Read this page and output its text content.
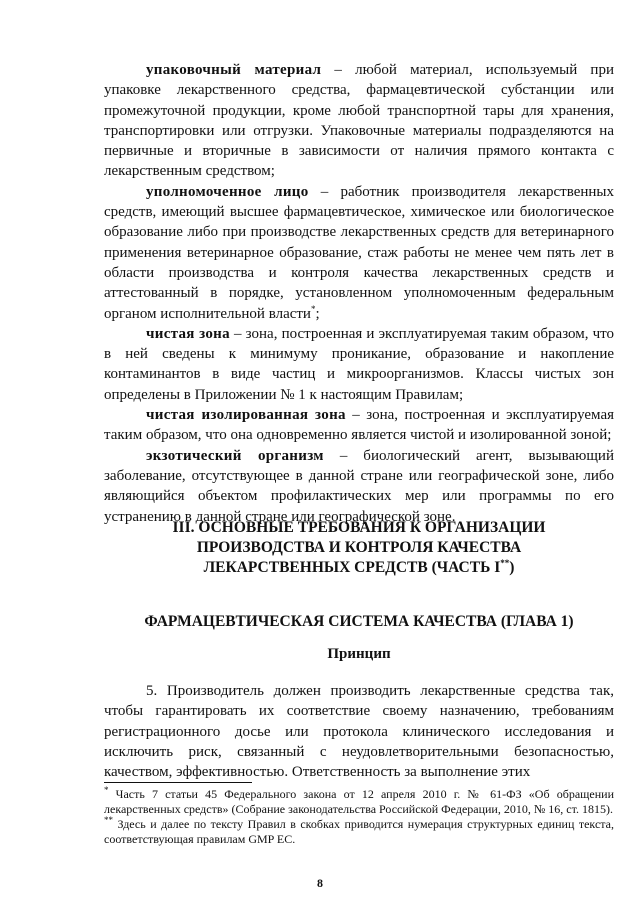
упаковочный материал – любой материал, используемый при упаковке лекарственного средства, фармацевтической субстанции или промежуточной продукции, кроме любой транспортной тары для хранения, транспортировки или отгрузки. Упаковочные материалы подразделяются на первичные и вторичные в зависимости от наличия прямого контакта с лекарственным средством;

уполномоченное лицо – работник производителя лекарственных средств, имеющий высшее фармацевтическое, химическое или биологическое образование либо при производстве лекарственных средств для ветеринарного применения ветеринарное образование, стаж работы не менее чем пять лет в области производства и контроля качества лекарственных средств и аттестованный в порядке, установленном уполномоченным федеральным органом исполнительной власти*;

чистая зона – зона, построенная и эксплуатируемая таким образом, что в ней сведены к минимуму проникание, образование и накопление контаминантов в виде частиц и микроорганизмов. Классы чистых зон определены в Приложении № 1 к настоящим Правилам;

чистая изолированная зона – зона, построенная и эксплуатируемая таким образом, что она одновременно является чистой и изолированной зоной;

экзотический организм – биологический агент, вызывающий заболевание, отсутствующее в данной стране или географической зоне, либо являющийся объектом профилактических мер или программы по его устранению в данной стране или географической зоне.

III. ОСНОВНЫЕ ТРЕБОВАНИЯ К ОРГАНИЗАЦИИ
ПРОИЗВОДСТВА И КОНТРОЛЯ КАЧЕСТВА
ЛЕКАРСТВЕННЫХ СРЕДСТВ (ЧАСТЬ I**)
ФАРМАЦЕВТИЧЕСКАЯ СИСТЕМА КАЧЕСТВА (ГЛАВА 1)
Принцип

5. Производитель должен производить лекарственные средства так, чтобы гарантировать их соответствие своему назначению, требованиям регистрационного досье или протокола клинического исследования и исключить риск, связанный с неудовлетворительными безопасностью, качеством, эффективностью. Ответственность за выполнение этих

* Часть 7 статьи 45 Федерального закона от 12 апреля 2010 г. № 61-ФЗ «Об обращении лекарственных средств» (Собрание законодательства Российской Федерации, 2010, № 16, ст. 1815).

** Здесь и далее по тексту Правил в скобках приводится нумерация структурных единиц текста, соответствующая правилам GMP ЕС.

8
